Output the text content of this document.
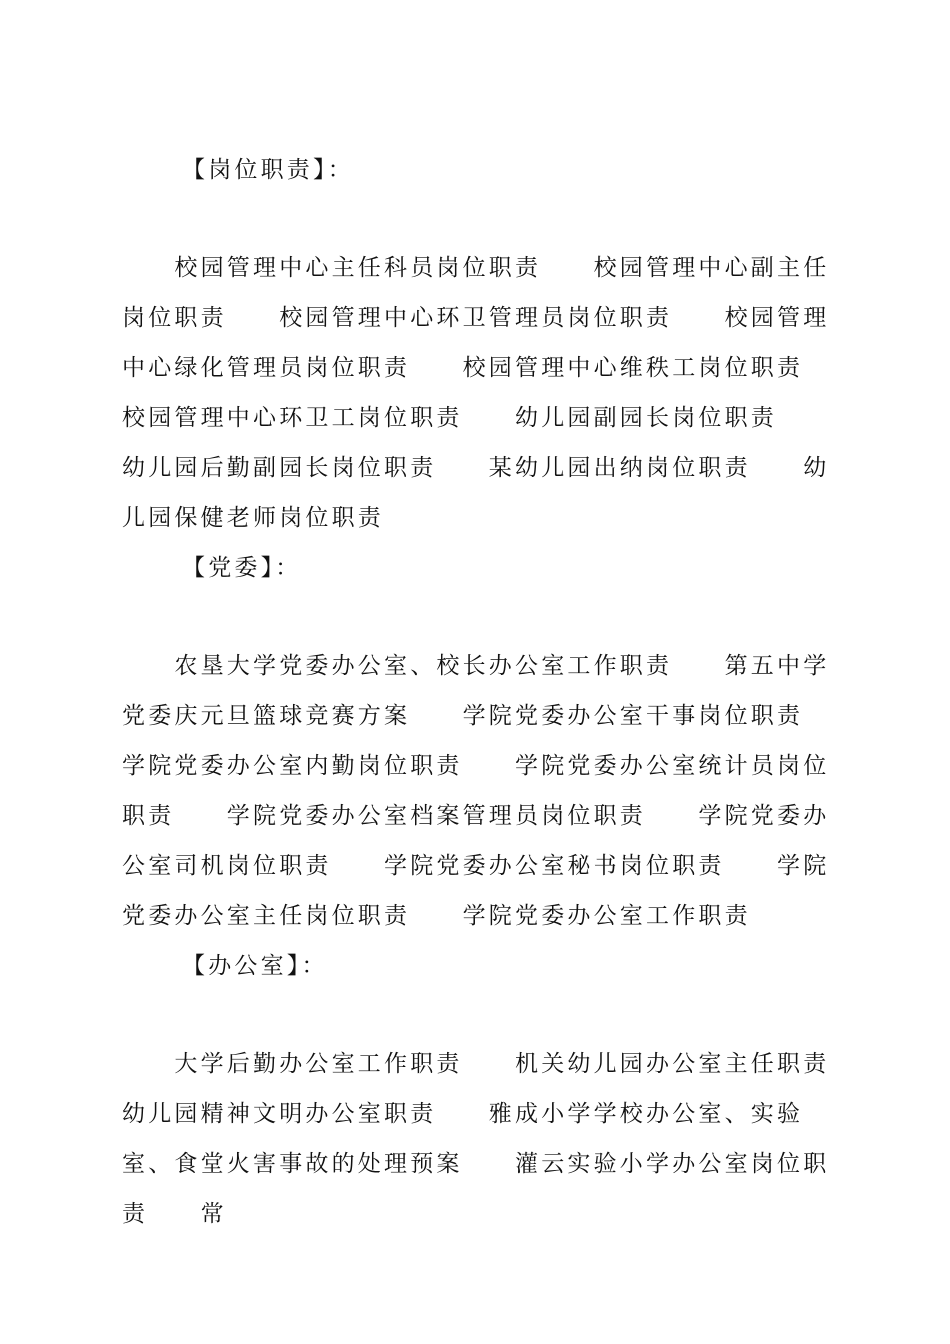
【岗位职责】：

　　校园管理中心主任科员岗位职责　　校园管理中心副主任岗位职责　　校园管理中心环卫管理员岗位职责　　校园管理中心绿化管理员岗位职责　　校园管理中心维秩工岗位职责　　校园管理中心环卫工岗位职责　　幼儿园副园长岗位职责　　幼儿园后勤副园长岗位职责　　某幼儿园出纳岗位职责　　幼儿园保健老师岗位职责

【党委】：

　　农垦大学党委办公室、校长办公室工作职责　　第五中学党委庆元旦篮球竞赛方案　　学院党委办公室干事岗位职责　　学院党委办公室内勤岗位职责　　学院党委办公室统计员岗位职责　　学院党委办公室档案管理员岗位职责　　学院党委办公室司机岗位职责　　学院党委办公室秘书岗位职责　　学院党委办公室主任岗位职责　　学院党委办公室工作职责

【办公室】：

　　大学后勤办公室工作职责　　机关幼儿园办公室主任职责　　幼儿园精神文明办公室职责　　雅成小学学校办公室、实验室、食堂火害事故的处理预案　　灌云实验小学办公室岗位职责　　常
